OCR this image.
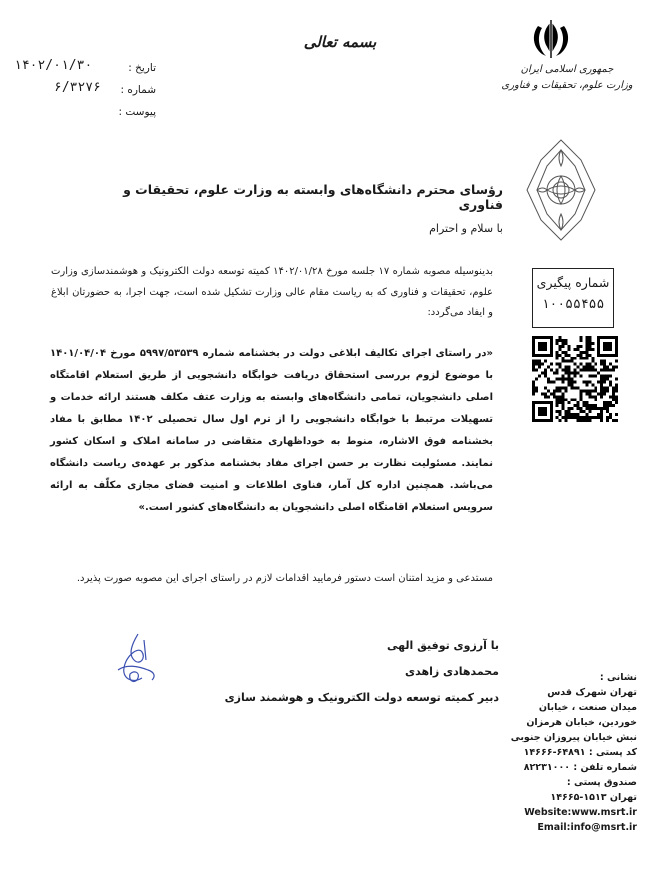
بسمه تعالی
۱۴۰۲/۰۱/۳۰	تاریخ :
۶/۳۲۷۶ شماره :
پیوست :
جمهوری اسلامی ایران
وزارت علوم، تحقیقات و فناوری
شماره پیگیری
۱۰۰۵۵۴۵۵
رؤسای محترم دانشگاه‌های وابسته به وزارت علوم، تحقیقات و فناوری
با سلام و احترام
بدینوسیله مصوبه شماره ۱۷ جلسه مورخ ۱۴۰۲/۰۱/۲۸ کمیته توسعه دولت الکترونیک و هوشمندسازی وزارت علوم، تحقیقات و فناوری که به ریاست مقام عالی وزارت تشکیل شده است، جهت اجرا، به حضورتان ابلاغ و ایفاد می‌گردد:
«در راستای اجرای تکالیف ابلاغی دولت در بخشنامه شماره ۵۹۹۷/۵۳۵۳۹ مورخ ۱۴۰۱/۰۴/۰۴ با موضوع لزوم بررسی استحقاق دریافت خوابگاه دانشجویی از طریق استعلام اقامتگاه اصلی دانشجویان، تمامی دانشگاه‌های وابسته به وزارت عتف مکلف هستند ارائه خدمات و تسهیلات مرتبط با خوابگاه دانشجویی را از ترم اول سال تحصیلی ۱۴۰۲ مطابق با مفاد بخشنامه فوق الاشاره، منوط به خوداظهاری متقاضی در سامانه املاک و اسکان کشور نمایند. مسئولیت نظارت بر حسن اجرای مفاد بخشنامه مذکور بر عهده‌ی ریاست دانشگاه می‌باشد. همچنین اداره کل آمار، فناوی اطلاعات و امنیت فضای مجازی مکلّف به ارائه سرویس استعلام اقامتگاه اصلی دانشجویان به دانشگاه‌های کشور است.»
مستدعی و مزید امتنان است دستور فرمایید اقدامات لازم در راستای اجرای این مصوبه صورت پذیرد.
با آرزوی توفیق الهی
محمدهادی زاهدی
دبیر کمیته توسعه دولت الکترونیک و هوشمند سازی
نشانی :
تهران شهرک قدس
میدان صنعت ، خیابان
خوردین، خیابان هرمزان
نبش خیابان پیروزان جنوبی
کد پستی : ۶۴۸۹۱-۱۴۶۶۶
شماره تلفن : ۸۲۲۳۱۰۰۰
صندوق پستی :
تهران ۱۵۱۳-۱۴۶۶۵
Website:www.msrt.ir
Email:info@msrt.ir
